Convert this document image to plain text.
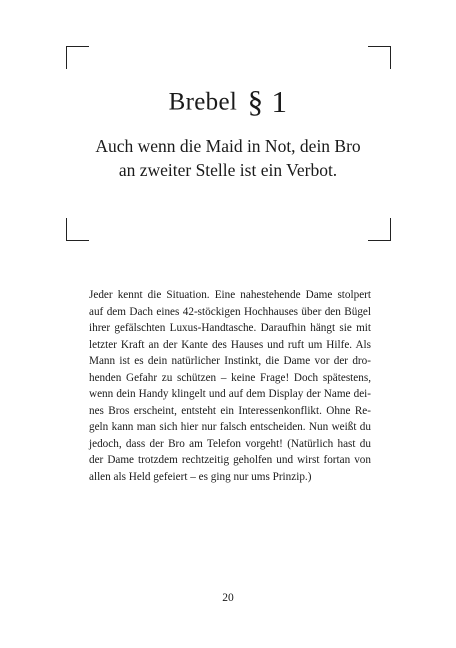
Brebel § 1
Auch wenn die Maid in Not, dein Bro
an zweiter Stelle ist ein Verbot.
Jeder kennt die Situation. Eine nahestehende Dame stolpert auf dem Dach eines 42-stöckigen Hochhauses über den Bügel ihrer gefälschten Luxus-Handtasche. Daraufhin hängt sie mit letzter Kraft an der Kante des Hauses und ruft um Hilfe. Als Mann ist es dein natürlicher Instinkt, die Dame vor der drohenden Gefahr zu schützen – keine Frage! Doch spätestens, wenn dein Handy klingelt und auf dem Display der Name deines Bros erscheint, entsteht ein Interessenkonflikt. Ohne Regeln kann man sich hier nur falsch entscheiden. Nun weißt du jedoch, dass der Bro am Telefon vorgeht! (Natürlich hast du der Dame trotzdem rechtzeitig geholfen und wirst fortan von allen als Held gefeiert – es ging nur ums Prinzip.)
20
